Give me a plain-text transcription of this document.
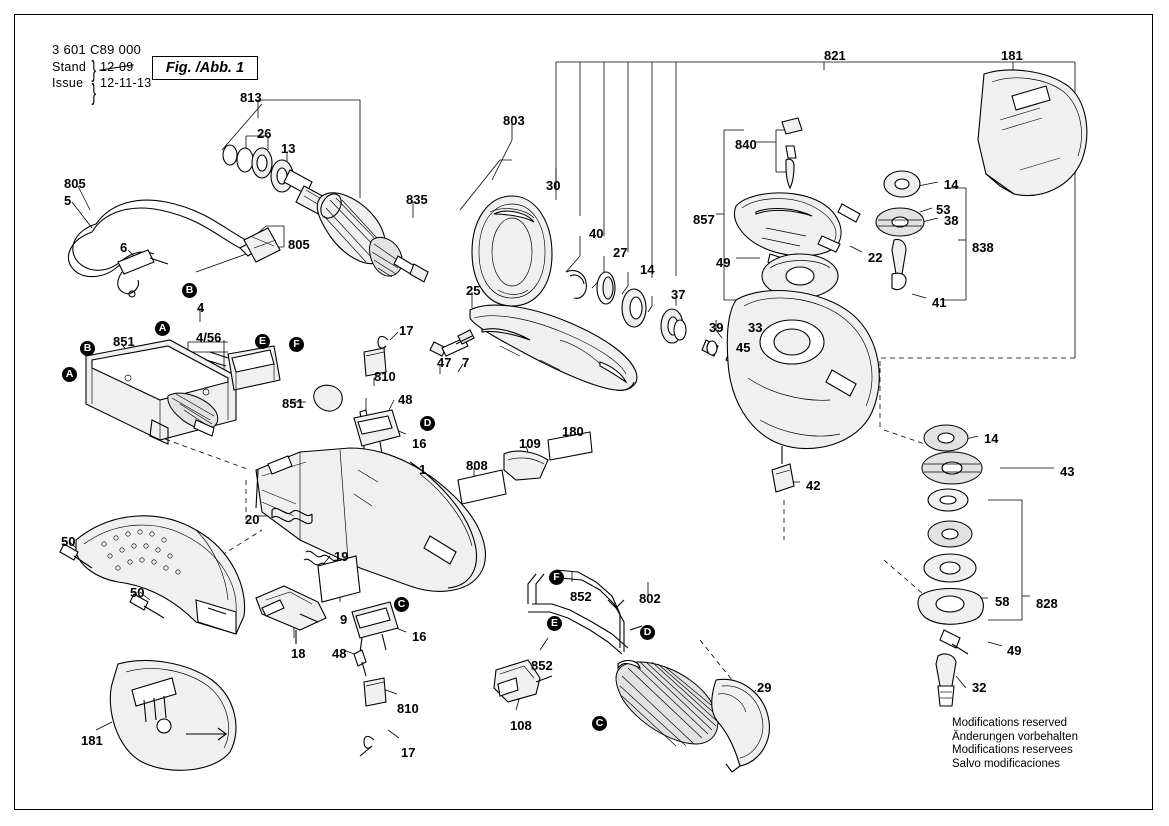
3 601 C89 000
Stand
Issue
}
}
12-09
12-11-13
Fig. /Abb. 1
Modifications reserved
Änderungen vorbehalten
Modifications reservees
Salvo modificaciones
821	181
813
803
26
13	840
30
835
14
805
5
857
53
38
40
838
6	805
27	22
49
14
37
25
41
4
39 33
17
4/56
45
851
810
47 7
48
851
16
180
109	14
808	43
1
42
20
50
19
50
58 828
852	802
9
16
49
18
852
48
810
29	32
108
181
17
B
A
B
A
E	F
D
C
F
E
D
C
